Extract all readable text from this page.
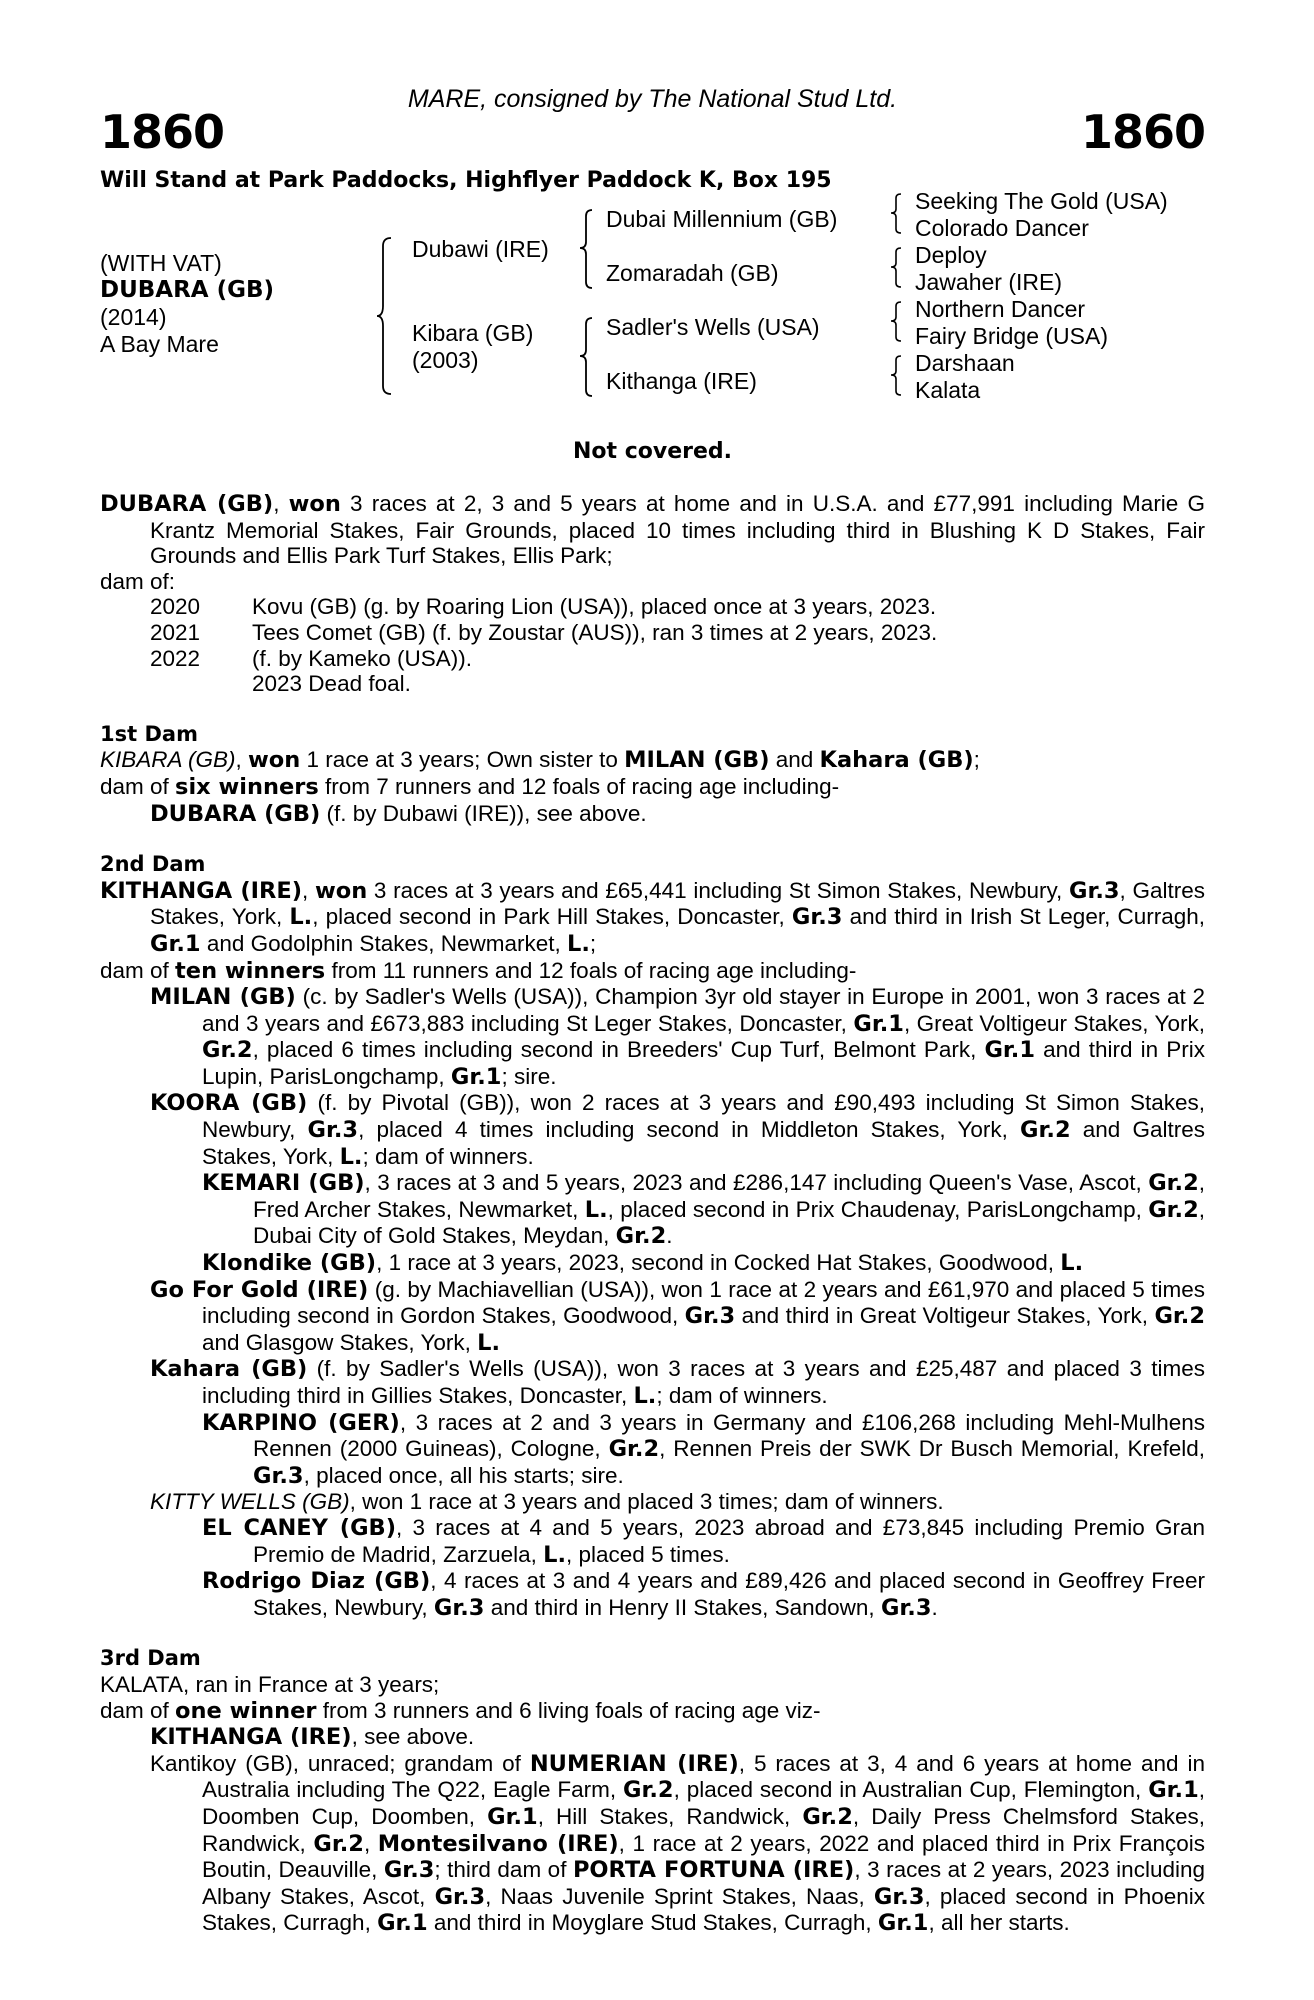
MARE, consigned by The National Stud Ltd.
1860	1860
Will Stand at Park Paddocks, Highflyer Paddock K, Box 195
(WITH VAT)
DUBARA (GB)
(2014)
A Bay Mare
Dubawi (IRE)
Kibara (GB)
(2003)
Dubai Millennium (GB)
Zomaradah (GB)
Sadler's Wells (USA)
Kithanga (IRE)
Seeking The Gold (USA)
Colorado Dancer
Deploy
Jawaher (IRE)
Northern Dancer
Fairy Bridge (USA)
Darshaan
Kalata
Not covered.

DUBARA (GB), won 3 races at 2, 3 and 5 years at home and in U.S.A. and £77,991 including Marie G Krantz Memorial Stakes, Fair Grounds, placed 10 times including third in Blushing K D Stakes, Fair Grounds and Ellis Park Turf Stakes, Ellis Park;

dam of:

2020	Kovu (GB) (g. by Roaring Lion (USA)), placed once at 3 years, 2023.
2021	Tees Comet (GB) (f. by Zoustar (AUS)), ran 3 times at 2 years, 2023.
2022	(f. by Kameko (USA)).
2023 Dead foal.

1st Dam

KIBARA (GB), won 1 race at 3 years; Own sister to MILAN (GB) and Kahara (GB);

dam of six winners from 7 runners and 12 foals of racing age including-

DUBARA (GB) (f. by Dubawi (IRE)), see above.

2nd Dam

KITHANGA (IRE), won 3 races at 3 years and £65,441 including St Simon Stakes, Newbury, Gr.3, Galtres Stakes, York, L., placed second in Park Hill Stakes, Doncaster, Gr.3 and third in Irish St Leger, Curragh, Gr.1 and Godolphin Stakes, Newmarket, L.;

dam of ten winners from 11 runners and 12 foals of racing age including-

MILAN (GB) (c. by Sadler's Wells (USA)), Champion 3yr old stayer in Europe in 2001, won 3 races at 2 and 3 years and £673,883 including St Leger Stakes, Doncaster, Gr.1, Great Voltigeur Stakes, York, Gr.2, placed 6 times including second in Breeders' Cup Turf, Belmont Park, Gr.1 and third in Prix Lupin, ParisLongchamp, Gr.1; sire.

KOORA (GB) (f. by Pivotal (GB)), won 2 races at 3 years and £90,493 including St Simon Stakes, Newbury, Gr.3, placed 4 times including second in Middleton Stakes, York, Gr.2 and Galtres Stakes, York, L.; dam of winners.

KEMARI (GB), 3 races at 3 and 5 years, 2023 and £286,147 including Queen's Vase, Ascot, Gr.2, Fred Archer Stakes, Newmarket, L., placed second in Prix Chaudenay, ParisLongchamp, Gr.2, Dubai City of Gold Stakes, Meydan, Gr.2.

Klondike (GB), 1 race at 3 years, 2023, second in Cocked Hat Stakes, Goodwood, L.

Go For Gold (IRE) (g. by Machiavellian (USA)), won 1 race at 2 years and £61,970 and placed 5 times including second in Gordon Stakes, Goodwood, Gr.3 and third in Great Voltigeur Stakes, York, Gr.2 and Glasgow Stakes, York, L.

Kahara (GB) (f. by Sadler's Wells (USA)), won 3 races at 3 years and £25,487 and placed 3 times including third in Gillies Stakes, Doncaster, L.; dam of winners.

KARPINO (GER), 3 races at 2 and 3 years in Germany and £106,268 including Mehl-Mulhens Rennen (2000 Guineas), Cologne, Gr.2, Rennen Preis der SWK Dr Busch Memorial, Krefeld, Gr.3, placed once, all his starts; sire.

KITTY WELLS (GB), won 1 race at 3 years and placed 3 times; dam of winners.

EL CANEY (GB), 3 races at 4 and 5 years, 2023 abroad and £73,845 including Premio Gran Premio de Madrid, Zarzuela, L., placed 5 times.

Rodrigo Diaz (GB), 4 races at 3 and 4 years and £89,426 and placed second in Geoffrey Freer Stakes, Newbury, Gr.3 and third in Henry II Stakes, Sandown, Gr.3.

3rd Dam

KALATA, ran in France at 3 years;

dam of one winner from 3 runners and 6 living foals of racing age viz-

KITHANGA (IRE), see above.

Kantikoy (GB), unraced; grandam of NUMERIAN (IRE), 5 races at 3, 4 and 6 years at home and in Australia including The Q22, Eagle Farm, Gr.2, placed second in Australian Cup, Flemington, Gr.1, Doomben Cup, Doomben, Gr.1, Hill Stakes, Randwick, Gr.2, Daily Press Chelmsford Stakes, Randwick, Gr.2, Montesilvano (IRE), 1 race at 2 years, 2022 and placed third in Prix François Boutin, Deauville, Gr.3; third dam of PORTA FORTUNA (IRE), 3 races at 2 years, 2023 including Albany Stakes, Ascot, Gr.3, Naas Juvenile Sprint Stakes, Naas, Gr.3, placed second in Phoenix Stakes, Curragh, Gr.1 and third in Moyglare Stud Stakes, Curragh, Gr.1, all her starts.
